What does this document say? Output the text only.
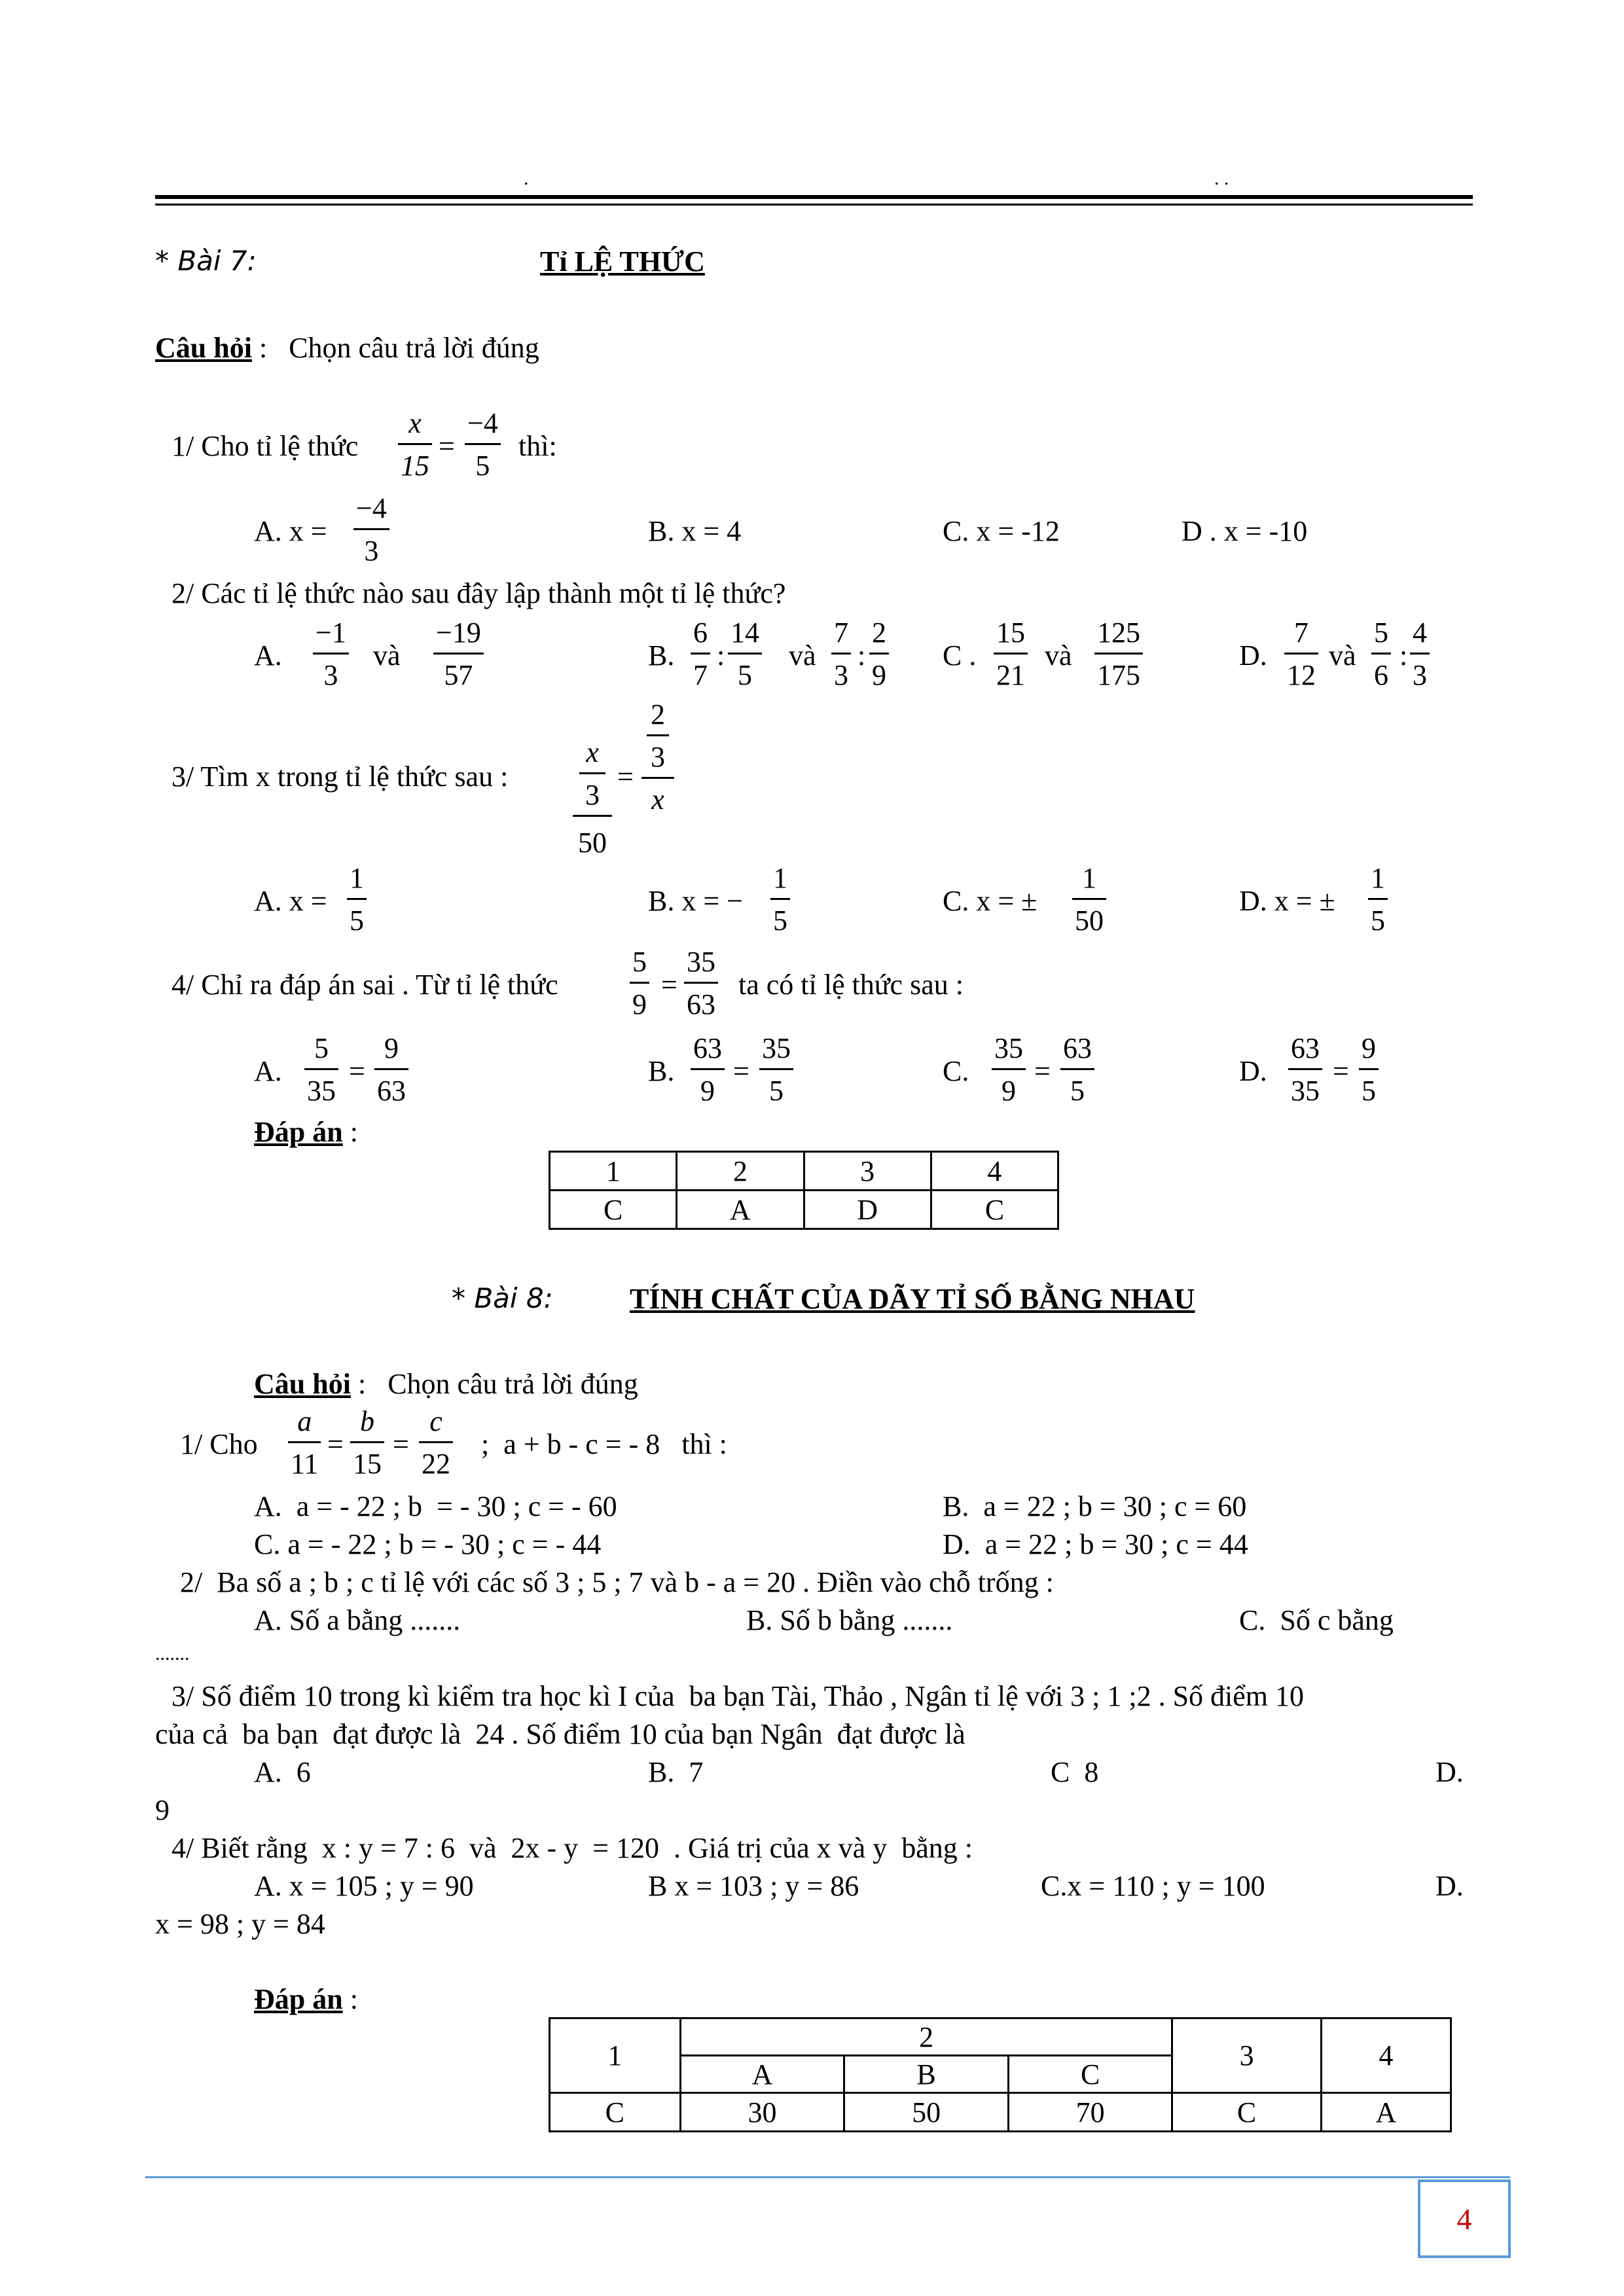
.	. .
* Bài 7:	Tỉ LỆ THỨC
Câu hỏi : Chọn câu trả lời đúng
1/ Cho tỉ lệ thức $\frac{x}{15} = \frac{-4}{5}$ thì:
A. $x = \frac{-4}{3}$	B. x = 4	C. x = -12	D . x = -10
2/ Các tỉ lệ thức nào sau đây lập thành một tỉ lệ thức?
A. $\frac{-1}{3}$ và $\frac{-19}{57}$	B. $\frac{6}{7}$ : $\frac{14}{5}$ và $\frac{7}{3}$ : $\frac{2}{9}$ C . $\frac{15}{21}$ và $\frac{125}{175}$	D. $\frac{7}{12}$ và $\frac{5}{6}$ : $\frac{4}{3}$
3/ Tìm x trong tỉ lệ thức sau :
x
3
50
=
2
3
x
A. $x = \frac{1}{5}$	B. x = − $\frac{1}{5}$	C. x = ± $\frac{1}{50}$	D. x = ± $\frac{1}{5}$
4/ Chỉ ra đáp án sai . Từ tỉ lệ thức $\frac{5}{9} = \frac{35}{63}$ ta có tỉ lệ thức sau :
A. $\frac{5}{35} = \frac{9}{63}$	B. $\frac{63}{9} = \frac{35}{5}$	C. $\frac{35}{9} = \frac{63}{5}$	D. $\frac{63}{35} = \frac{9}{5}$
Đáp án :
1	2	3	4
C	A	D	C
* Bài 8:	TÍNH CHẤT CỦA DÃY TỈ SỐ BẰNG NHAU
Câu hỏi : Chọn câu trả lời đúng
1/ Cho $\frac{a}{11} = \frac{b}{15} = \frac{c}{22}$ ;  a + b - c = - 8   thì :
A.  a = - 22 ; b  = - 30 ; c = - 60	B.  a = 22 ; b = 30 ; c = 60
C. a = - 22 ; b = - 30 ; c = - 44	D.  a = 22 ; b = 30 ; c = 44
2/  Ba số a ; b ; c tỉ lệ với các số 3 ; 5 ; 7 và b - a = 20 . Điền vào chỗ trống :
A. Số a bằng .......	B. Số b bằng .......	C.  Số c bằng
.......
3/ Số điểm 10 trong kì kiểm tra học kì I của  ba bạn Tài, Thảo , Ngân tỉ lệ với 3 ; 1 ;2 . Số điểm 10
của cả  ba bạn  đạt được là  24 . Số điểm 10 của bạn Ngân  đạt được là
A.  6	B.  7	C  8	D.
9
4/ Biết rằng  x : y = 7 : 6  và  2x - y  = 120  . Giá trị của x và y  bằng :
A. x = 105 ; y = 90	B x = 103 ; y = 86	C.x = 110 ; y = 100	D.
x = 98 ; y = 84
Đáp án :
1	2			3	4
	A	B	C		
C	30	50	70	C	A
4
